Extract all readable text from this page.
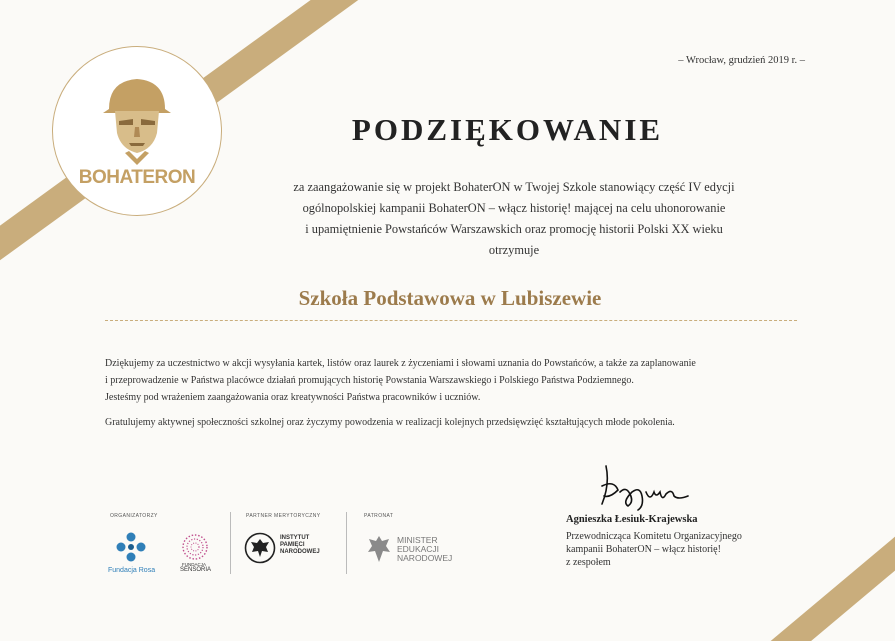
BOHATERON
– Wrocław, grudzień 2019 r. –
PODZIĘKOWANIE
za zaangażowanie się w projekt BohaterON w Twojej Szkole stanowiący część IV edycji
ogólnopolskiej kampanii BohaterON – włącz historię! mającej na celu uhonorowanie
i upamiętnienie Powstańców Warszawskich oraz promocję historii Polski XX wieku
otrzymuje
Szkoła Podstawowa w Lubiszewie

Dziękujemy za uczestnictwo w akcji wysyłania kartek, listów oraz laurek z życzeniami i słowami uznania do Powstańców, a także za zaplanowanie

i przeprowadzenie w Państwa placówce działań promujących historię Powstania Warszawskiego i Polskiego Państwa Podziemnego.

Jesteśmy pod wrażeniem zaangażowania oraz kreatywności Państwa pracowników i uczniów.

Gratulujemy aktywnej społeczności szkolnej oraz życzymy powodzenia w realizacji kolejnych przedsięwzięć kształtujących młode pokolenia.

ORGANIZATORZY
Fundacja Rosa
FUNDACJA
SENSORIA
PARTNER MERYTORYCZNY
INSTYTUT
PAMIĘCI
NARODOWEJ
PATRONAT
MINISTER
EDUKACJI
NARODOWEJ
Agnieszka Łesiuk-Krajewska
Przewodnicząca Komitetu Organizacyjnego
kampanii BohaterON – włącz historię!
z zespołem
